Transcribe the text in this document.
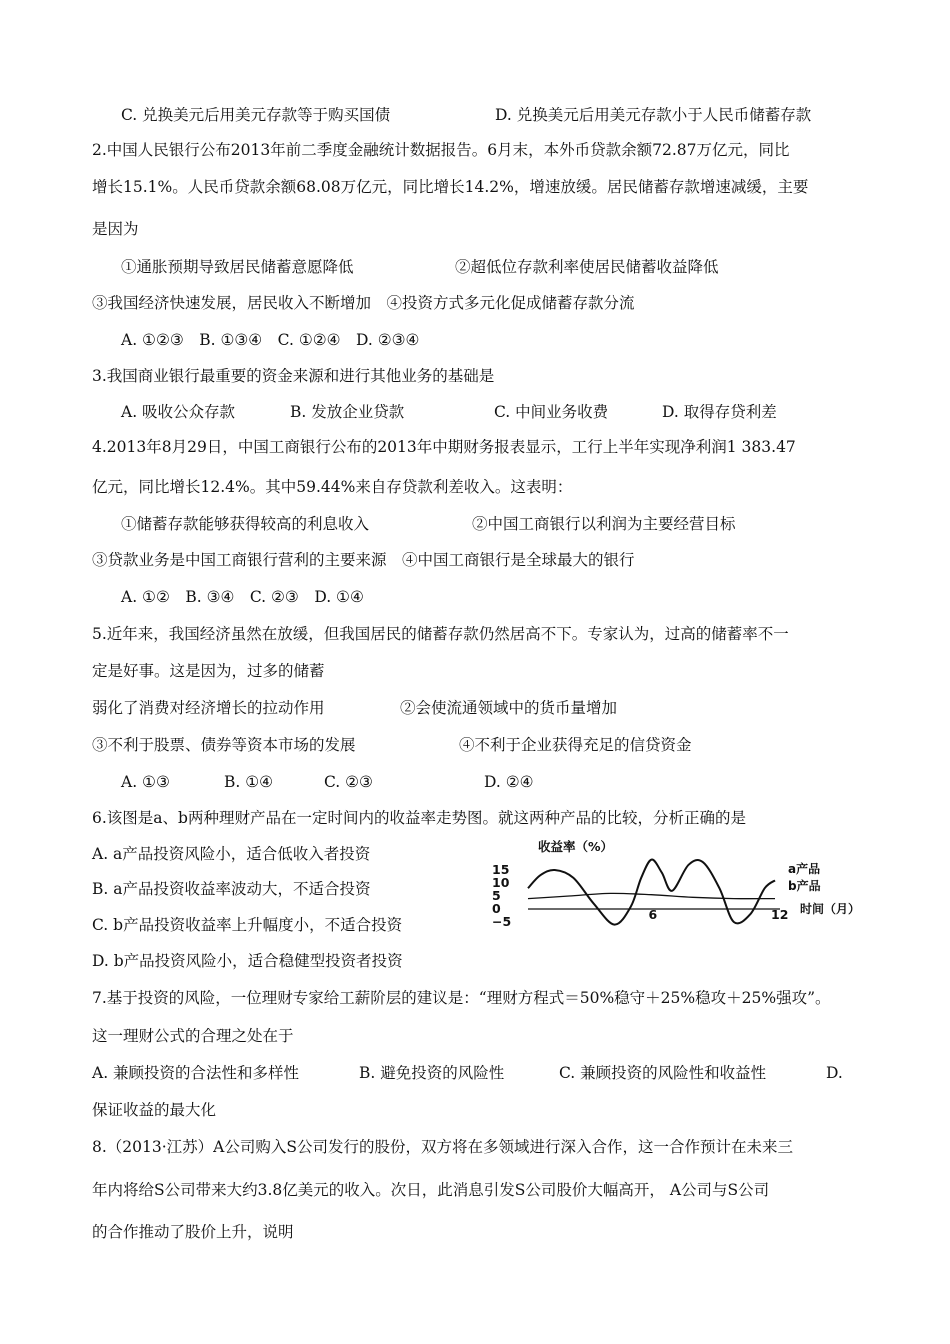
C. 兑换美元后用美元存款等于购买国债	D. 兑换美元后用美元存款小于人民币储蓄存款
2.中国人民银行公布2013年前二季度金融统计数据报告。6月末，本外币贷款余额72.87万亿元，同比
增长15.1%。人民币贷款余额68.08万亿元，同比增长14.2%，增速放缓。居民储蓄存款增速减缓，主要
是因为
①通胀预期导致居民储蓄意愿降低	②超低位存款利率使居民储蓄收益降低
③我国经济快速发展，居民收入不断增加　④投资方式多元化促成储蓄存款分流
A. ①②③　B. ①③④　C. ①②④　D. ②③④
3.我国商业银行最重要的资金来源和进行其他业务的基础是
A. 吸收公众存款	B. 发放企业贷款	C. 中间业务收费	D. 取得存贷利差
4.2013年8月29日，中国工商银行公布的2013年中期财务报表显示，工行上半年实现净利润1 383.47
亿元，同比增长12.4%。其中59.44%来自存贷款利差收入。这表明：
①储蓄存款能够获得较高的利息收入	②中国工商银行以利润为主要经营目标
③贷款业务是中国工商银行营利的主要来源　④中国工商银行是全球最大的银行
A. ①②　B. ③④　C. ②③　D. ①④
5.近年来，我国经济虽然在放缓，但我国居民的储蓄存款仍然居高不下。专家认为，过高的储蓄率不一
定是好事。这是因为，过多的储蓄
弱化了消费对经济增长的拉动作用	②会使流通领域中的货币量增加
③不利于股票、债券等资本市场的发展	④不利于企业获得充足的信贷资金
A. ①③	B. ①④	C. ②③	D. ②④
6.该图是a、b两种理财产品在一定时间内的收益率走势图。就这两种产品的比较，分析正确的是
A. a产品投资风险小，适合低收入者投资
B. a产品投资收益率波动大，不适合投资
C. b产品投资收益率上升幅度小，不适合投资
D. b产品投资风险小，适合稳健型投资者投资
收益率（%）
15
10
5
0
−5	6	12
a产品
b产品
时间（月）
7.基于投资的风险，一位理财专家给工薪阶层的建议是：“理财方程式＝50%稳守＋25%稳攻＋25%强攻”。
这一理财公式的合理之处在于
A. 兼顾投资的合法性和多样性	B. 避免投资的风险性	C. 兼顾投资的风险性和收益性	D.
保证收益的最大化
8.（2013·江苏）A公司购入S公司发行的股份，双方将在多领域进行深入合作，这一合作预计在未来三
年内将给S公司带来大约3.8亿美元的收入。次日，此消息引发S公司股价大幅高开， A公司与S公司
的合作推动了股价上升，说明
